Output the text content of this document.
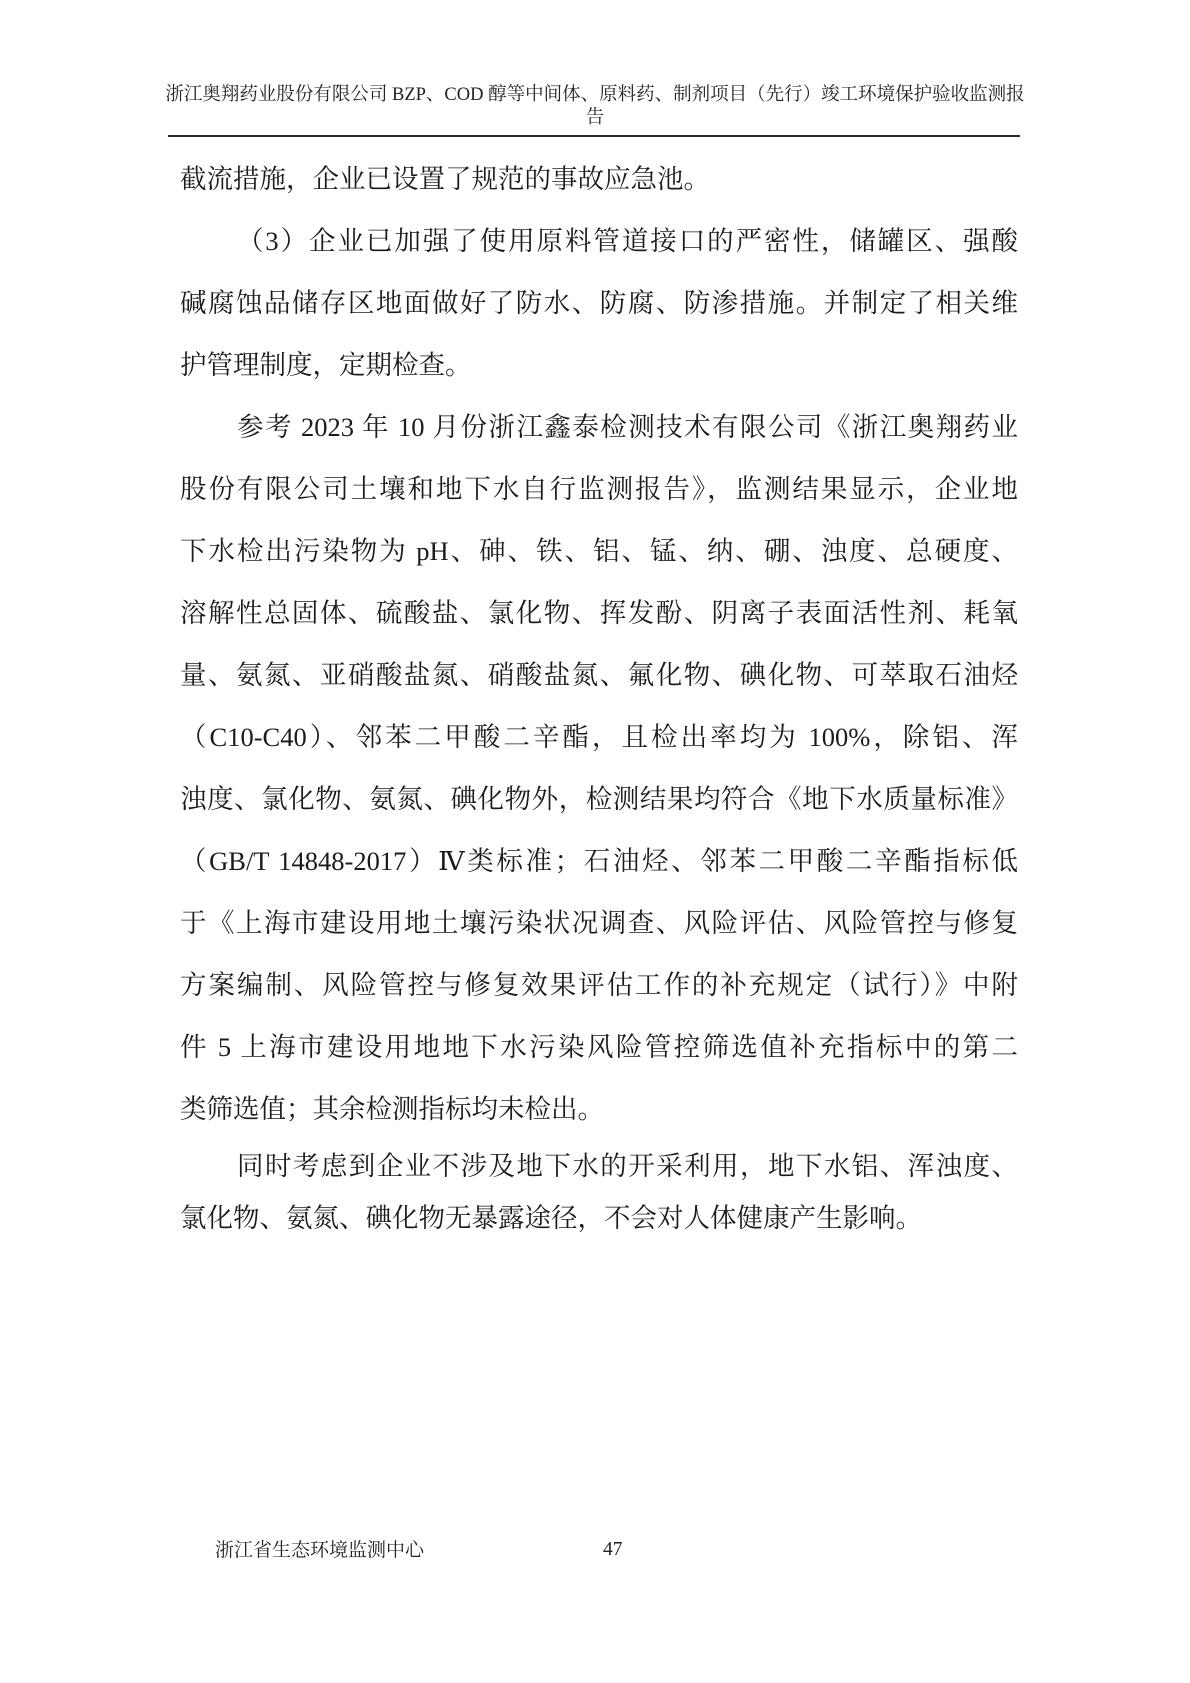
浙江奥翔药业股份有限公司 BZP、COD 醇等中间体、原料药、制剂项目（先行）竣工环境保护验收监测报
告
截流措施，企业已设置了规范的事故应急池。
（3）企业已加强了使用原料管道接口的严密性，储罐区、强酸
碱腐蚀品储存区地面做好了防水、防腐、防渗措施。并制定了相关维
护管理制度，定期检查。
参考 2023 年 10 月份浙江鑫泰检测技术有限公司《浙江奥翔药业
股份有限公司土壤和地下水自行监测报告》，监测结果显示，企业地
下水检出污染物为 pH、砷、铁、铝、锰、纳、硼、浊度、总硬度、
溶解性总固体、硫酸盐、氯化物、挥发酚、阴离子表面活性剂、耗氧
量、氨氮、亚硝酸盐氮、硝酸盐氮、氟化物、碘化物、可萃取石油烃
（C10-C40）、邻苯二甲酸二辛酯，且检出率均为 100%，除铝、浑
浊度、氯化物、氨氮、碘化物外，检测结果均符合《地下水质量标准》
（GB/T 14848-2017）Ⅳ类标准；石油烃、邻苯二甲酸二辛酯指标低
于《上海市建设用地土壤污染状况调查、风险评估、风险管控与修复
方案编制、风险管控与修复效果评估工作的补充规定（试行）》中附
件 5 上海市建设用地地下水污染风险管控筛选值补充指标中的第二
类筛选值；其余检测指标均未检出。
同时考虑到企业不涉及地下水的开采利用，地下水铝、浑浊度、
氯化物、氨氮、碘化物无暴露途径，不会对人体健康产生影响。
浙江省生态环境监测中心	47
